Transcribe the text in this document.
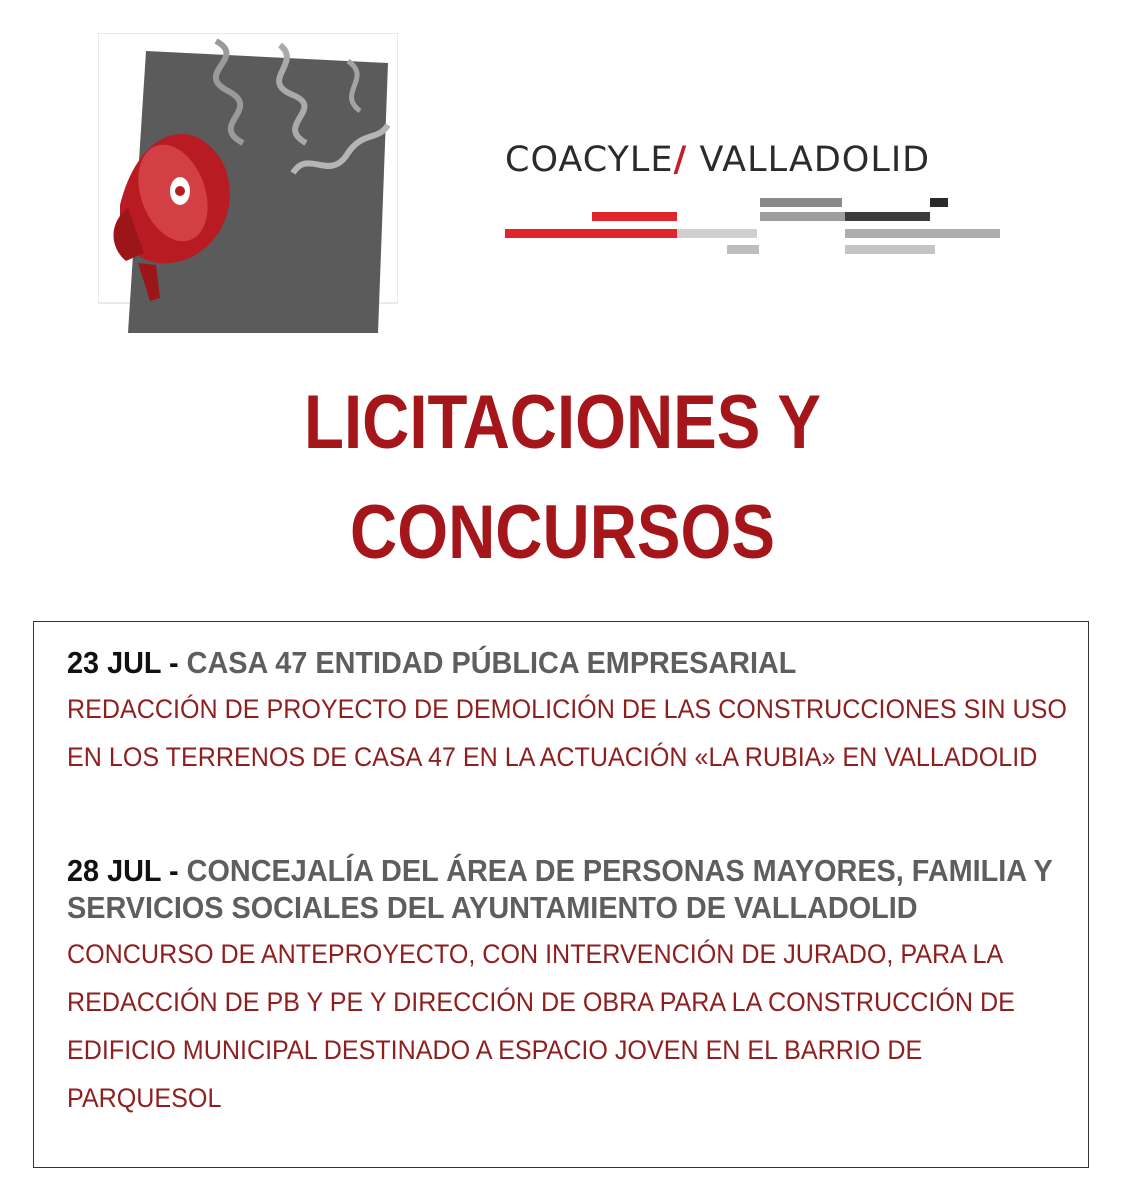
COACYLE/ VALLADOLID
LICITACIONES Y
CONCURSOS

23 JUL - CASA 47 ENTIDAD PÚBLICA EMPRESARIAL

REDACCIÓN DE PROYECTO DE DEMOLICIÓN DE LAS CONSTRUCCIONES SIN USO EN LOS TERRENOS DE CASA 47 EN LA ACTUACIÓN «LA RUBIA» EN VALLADOLID

28 JUL - CONCEJALÍA DEL ÁREA DE PERSONAS MAYORES, FAMILIA Y SERVICIOS SOCIALES DEL AYUNTAMIENTO DE VALLADOLID

CONCURSO DE ANTEPROYECTO, CON INTERVENCIÓN DE JURADO, PARA LA REDACCIÓN DE PB Y PE Y DIRECCIÓN DE OBRA PARA LA CONSTRUCCIÓN DE EDIFICIO MUNICIPAL DESTINADO A ESPACIO JOVEN EN EL BARRIO DE PARQUESOL
